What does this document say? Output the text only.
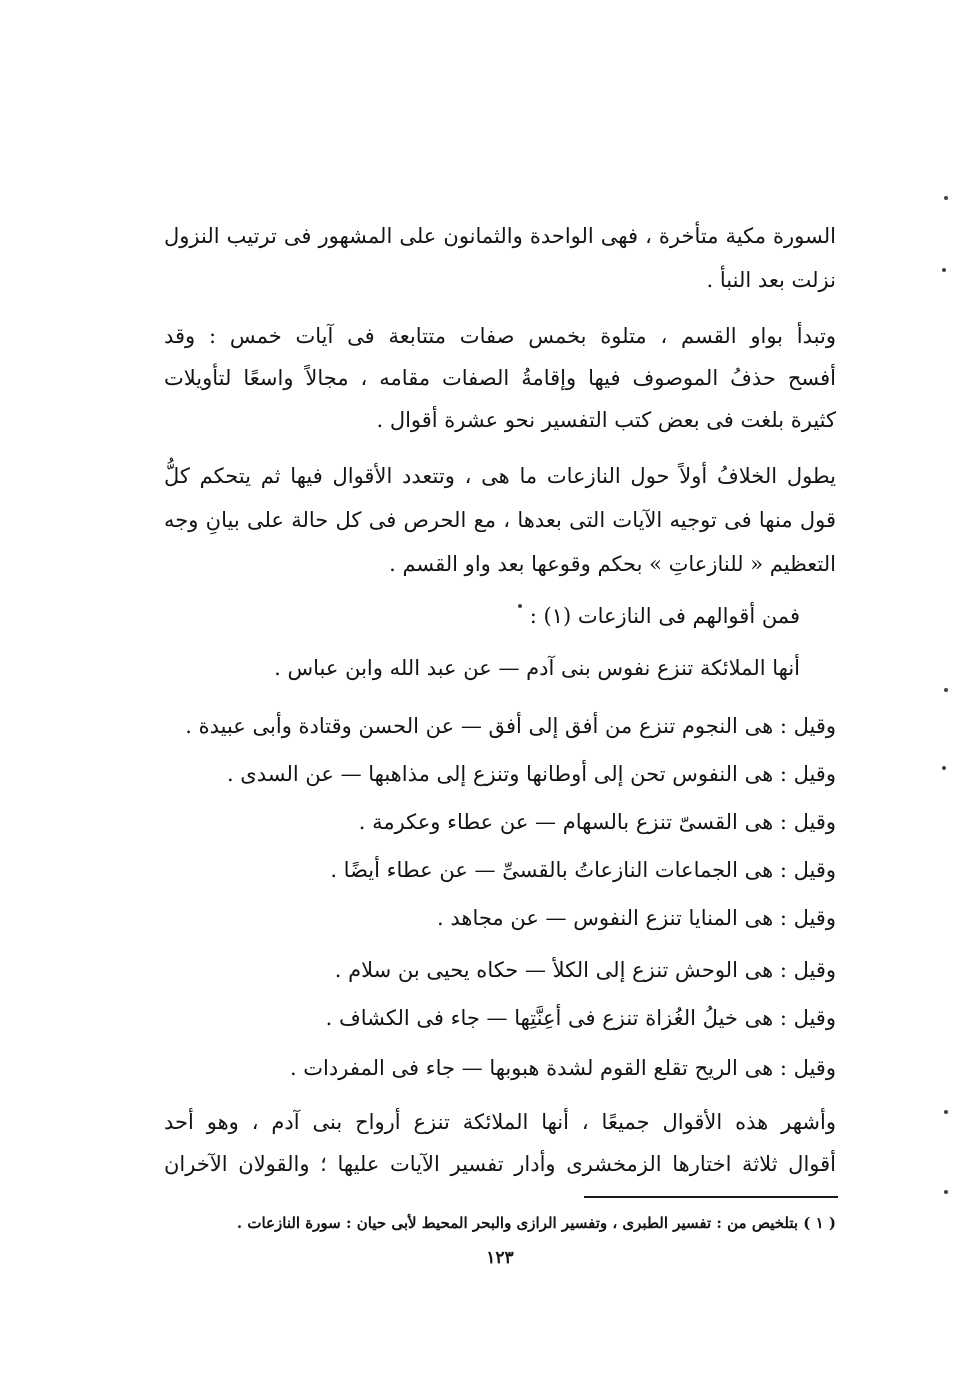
السورة مكية متأخرة ، فهى الواحدة والثمانون على المشهور فى ترتيب النزول
نزلت بعد النبأ .
وتبدأ بواو القسم ، متلوة بخمس صفات متتابعة فى آيات خمس : وقد
أفسح حذفُ الموصوف فيها وإقامةُ الصفات مقامه ، مجالاً واسعًا لتأويلات
كثيرة بلغت فى بعض كتب التفسير نحو عشرة أقوال .
يطول الخلافُ أولاً حول النازعات ما هى ، وتتعدد الأقوال فيها ثم يتحكم كلُّ
قول منها فى توجيه الآيات التى بعدها ، مع الحرص فى كل حالة على بيانِ وجه
التعظيم « للنازعاتِ » بحكم وقوعها بعد واو القسم .
فمن أقوالهم فى النازعات (١) :
أنها الملائكة تنزع نفوس بنى آدم — عن عبد الله وابن عباس .
وقيل : هى النجوم تنزع من أفق إلى أفق — عن الحسن وقتادة وأبى عبيدة .
وقيل : هى النفوس تحن إلى أوطانها وتنزع إلى مذاهبها — عن السدى .
وقيل : هى القسىّ تنزع بالسهام — عن عطاء وعكرمة .
وقيل : هى الجماعات النازعاتُ بالقسىِّ — عن عطاء أيضًا .
وقيل : هى المنايا تنزع النفوس — عن مجاهد .
وقيل : هى الوحش تنزع إلى الكلأ — حكاه يحيى بن سلام .
وقيل : هى خيلُ الغُزاة تنزع فى أعِنَّتِها — جاء فى الكشاف .
وقيل : هى الريح تقلع القوم لشدة هبوبها — جاء فى المفردات .
وأشهر هذه الأقوال جميعًا ، أنها الملائكة تنزع أرواح بنى آدم ، وهو أحد
أقوال ثلاثة اختارها الزمخشرى وأدار تفسير الآيات عليها ؛ والقولان الآخران
( ١ ) بتلخيص من : تفسير الطبرى ، وتفسير الرازى والبحر المحيط لأبى حيان : سورة النازعات .
١٢٣
